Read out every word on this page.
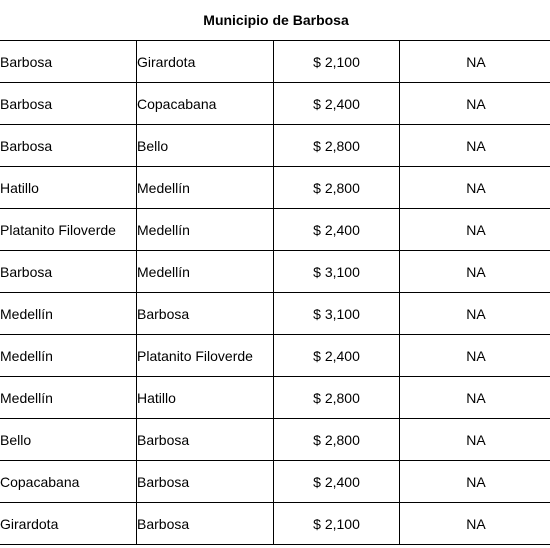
Municipio de Barbosa			
Barbosa	Girardota	$ 2,100	NA
Barbosa	Copacabana	$ 2,400	NA
Barbosa	Bello	$ 2,800	NA
Hatillo	Medellín	$ 2,800	NA
Platanito Filoverde	Medellín	$ 2,400	NA
Barbosa	Medellín	$ 3,100	NA
Medellín	Barbosa	$ 3,100	NA
Medellín	Platanito Filoverde	$ 2,400	NA
Medellín	Hatillo	$ 2,800	NA
Bello	Barbosa	$ 2,800	NA
Copacabana	Barbosa	$ 2,400	NA
Girardota	Barbosa	$ 2,100	NA
